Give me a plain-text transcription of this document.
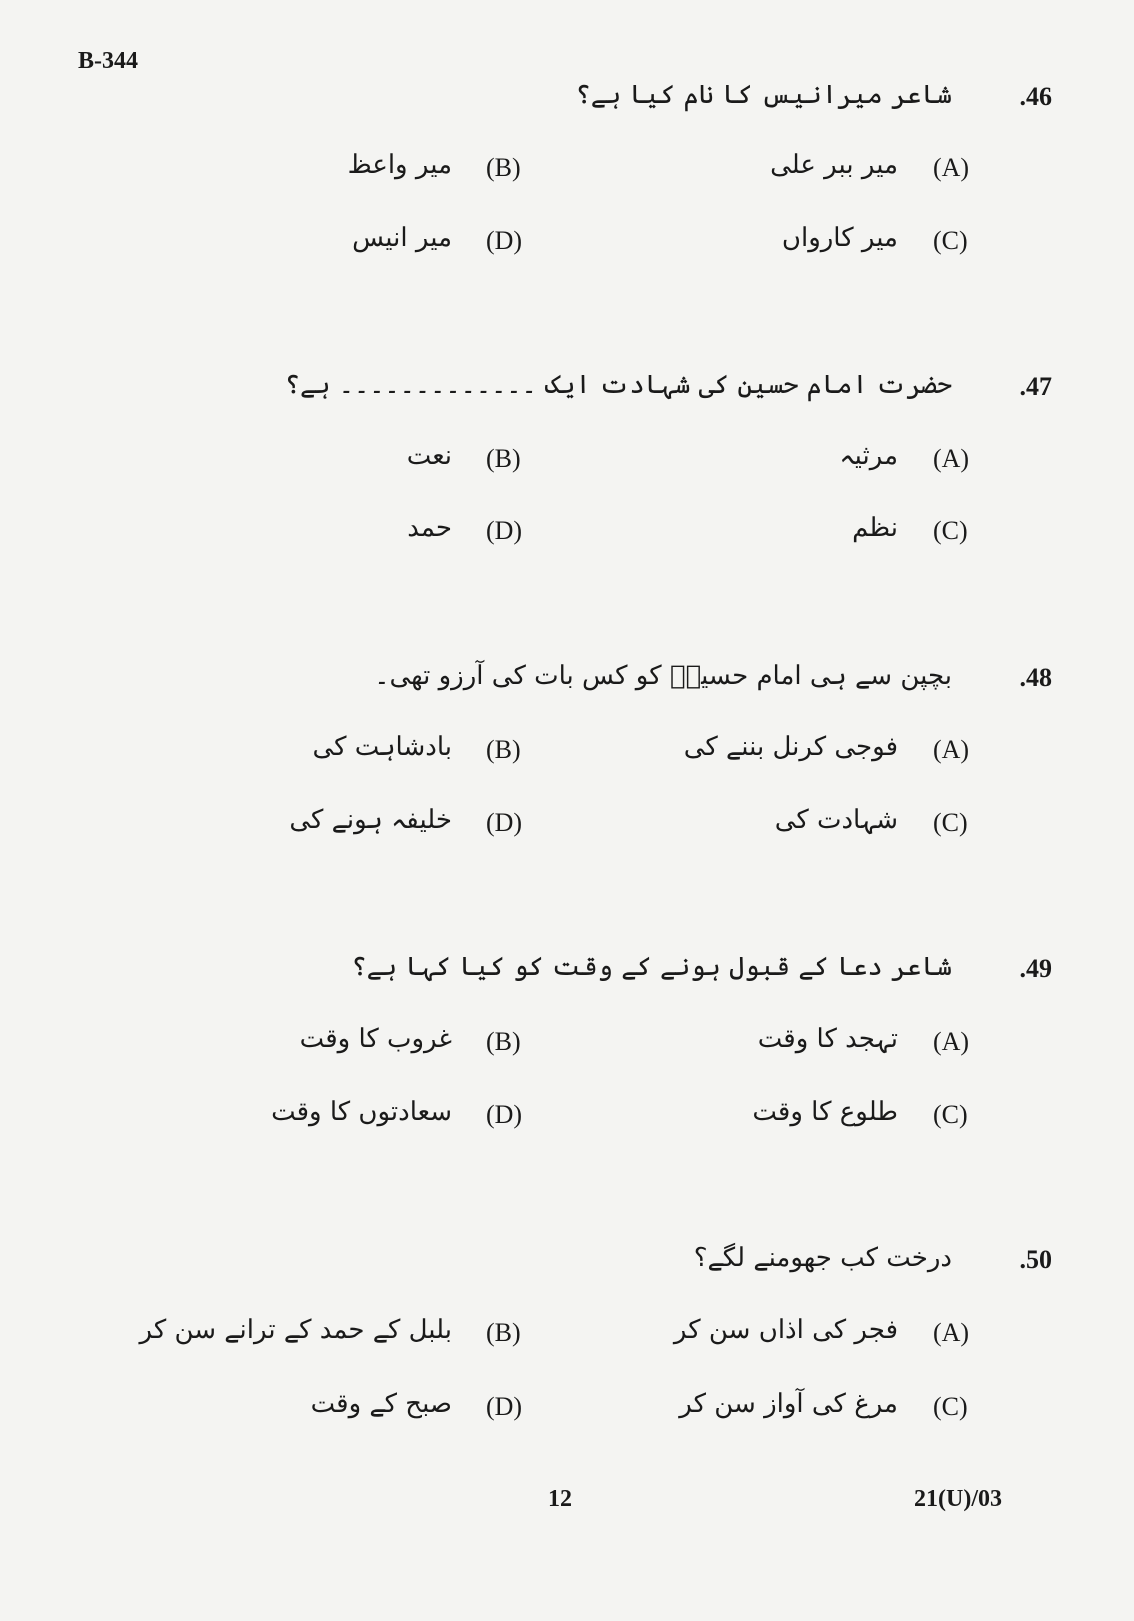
B-344
شاعر میرانیس کا نام کیا ہے؟	.46
(A)
میر ببر علی
(B)
میر واعظ
(C)
میر کارواں
(D)
میر انیس
حضرت امام حسین کی شہادت ایک ۔۔۔۔۔۔۔۔۔۔۔۔۔ ہے؟	.47
(A)
مرثیہ
(B)
نعت
(C)
نظم
(D)
حمد
بچپن سے ہی امام حسینؑ کو کس بات کی آرزو تھی۔	.48
(A)
فوجی کرنل بننے کی
(B)
بادشاہت کی
(C)
شہادت کی
(D)
خلیفہ ہونے کی
شاعر دعا کے قبول ہونے کے وقت کو کیا کہا ہے؟	.49
(A)
تہجد کا وقت
(B)
غروب کا وقت
(C)
طلوع کا وقت
(D)
سعادتوں کا وقت
درخت کب جھومنے لگے؟	.50
(A)
فجر کی اذاں سن کر
(B)
بلبل کے حمد کے ترانے سن کر
(C)
مرغ کی آواز سن کر
(D)
صبح کے وقت
12	21(U)/03
